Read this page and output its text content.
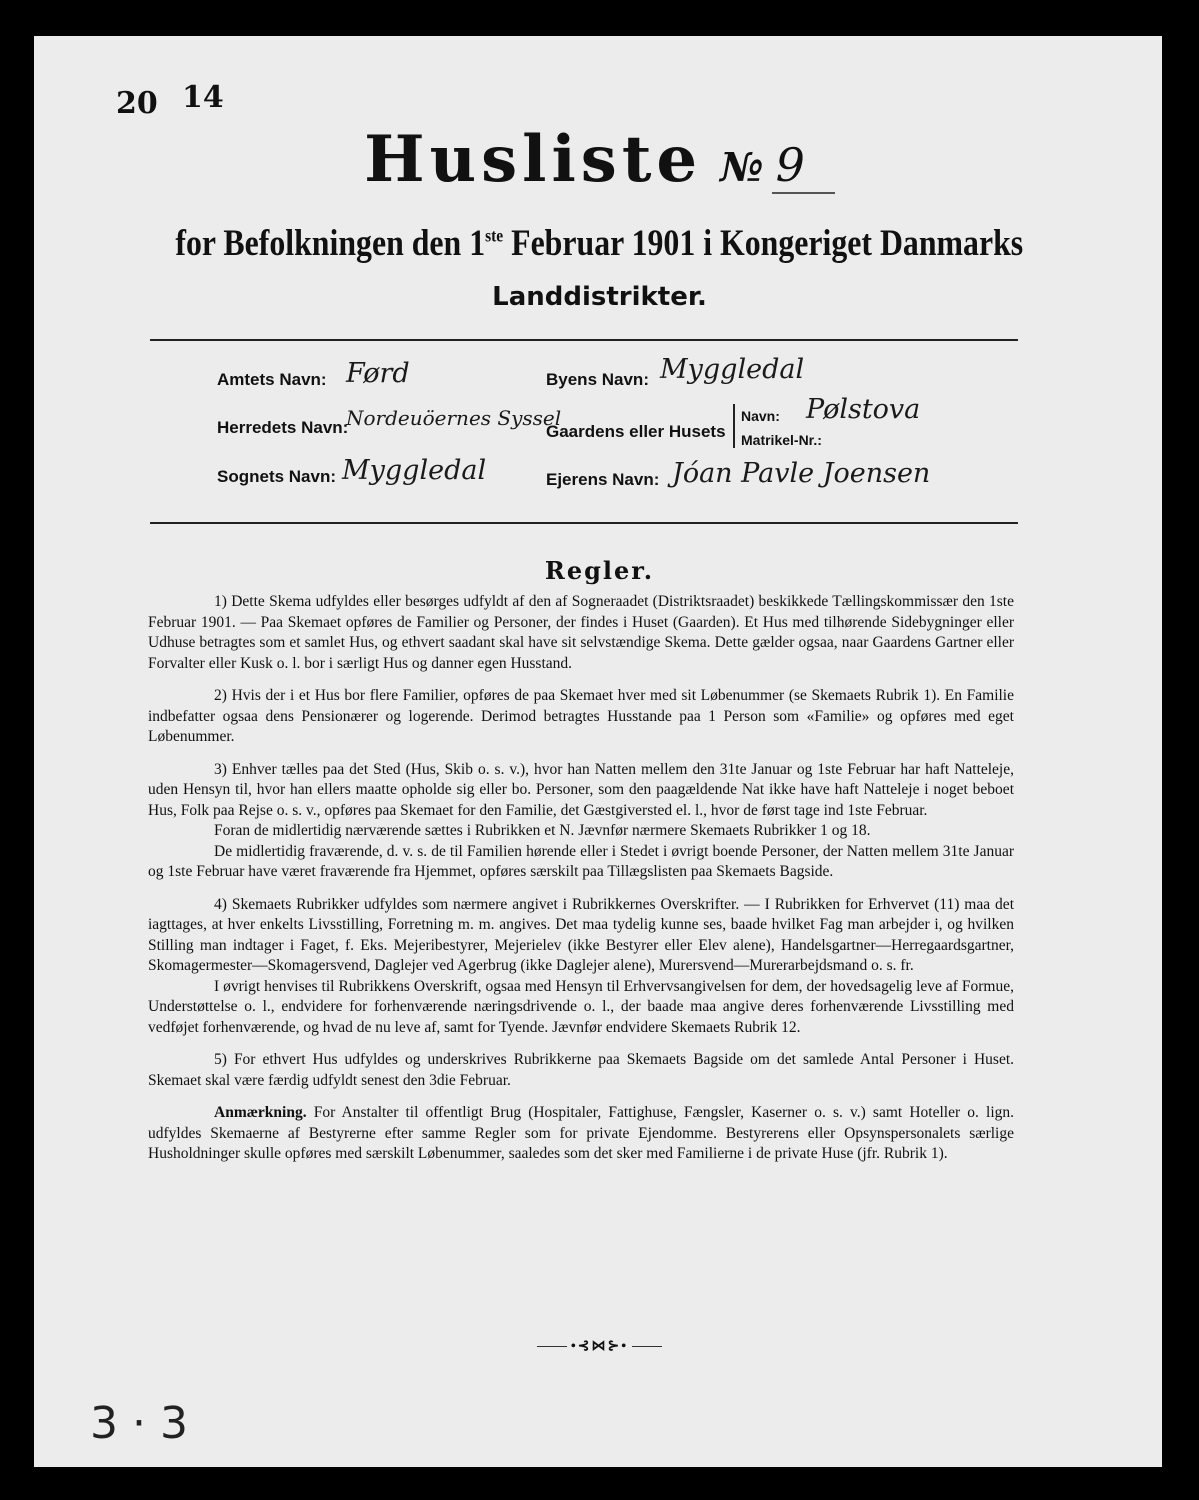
20 14
Husliste № 9
for Befolkningen den 1ste Februar 1901 i Kongeriget Danmarks
Landdistrikter.
Amtets Navn: Førd	Byens Navn: Myggledal
Herredets Navn:
Nordeuöernes Syssel
Gaardens eller Husets
Navn: Pølstova
Matrikel-Nr.:
Sognets Navn: Myggledal	Ejerens Navn: Jóan Pavle Joensen
Regler.

1) Dette Skema udfyldes eller besørges udfyldt af den af Sogneraadet (Distriktsraadet) beskikkede Tællingskommissær den 1ste Februar 1901. — Paa Skemaet opføres de Familier og Personer, der findes i Huset (Gaarden). Et Hus med tilhørende Sidebygninger eller Udhuse betragtes som et samlet Hus, og ethvert saadant skal have sit selvstændige Skema. Dette gælder ogsaa, naar Gaardens Gartner eller Forvalter eller Kusk o. l. bor i særligt Hus og danner egen Husstand.

2) Hvis der i et Hus bor flere Familier, opføres de paa Skemaet hver med sit Løbenummer (se Skemaets Rubrik 1). En Familie indbefatter ogsaa dens Pensionærer og logerende. Derimod betragtes Husstande paa 1 Person som «Familie» og opføres med eget Løbenummer.

3) Enhver tælles paa det Sted (Hus, Skib o. s. v.), hvor han Natten mellem den 31te Januar og 1ste Februar har haft Natteleje, uden Hensyn til, hvor han ellers maatte opholde sig eller bo. Personer, som den paagældende Nat ikke have haft Natteleje i noget beboet Hus, Folk paa Rejse o. s. v., opføres paa Skemaet for den Familie, det Gæstgiversted el. l., hvor de først tage ind 1ste Februar.

Foran de midlertidig nærværende sættes i Rubrikken et N. Jævnfør nærmere Skemaets Rubrikker 1 og 18.

De midlertidig fraværende, d. v. s. de til Familien hørende eller i Stedet i øvrigt boende Personer, der Natten mellem 31te Januar og 1ste Februar have været fraværende fra Hjemmet, opføres særskilt paa Tillægslisten paa Skemaets Bagside.

4) Skemaets Rubrikker udfyldes som nærmere angivet i Rubrikkernes Overskrifter. — I Rubrikken for Erhvervet (11) maa det iagttages, at hver enkelts Livsstilling, Forretning m. m. angives. Det maa tydelig kunne ses, baade hvilket Fag man arbejder i, og hvilken Stilling man indtager i Faget, f. Eks. Mejeribestyrer, Mejerielev (ikke Bestyrer eller Elev alene), Handelsgartner—Herregaardsgartner, Skomagermester—Skomagersvend, Daglejer ved Agerbrug (ikke Daglejer alene), Murersvend—Murerarbejdsmand o. s. fr.

I øvrigt henvises til Rubrikkens Overskrift, ogsaa med Hensyn til Erhvervsangivelsen for dem, der hovedsagelig leve af Formue, Understøttelse o. l., endvidere for forhenværende næringsdrivende o. l., der baade maa angive deres forhenværende Livsstilling med vedføjet forhenværende, og hvad de nu leve af, samt for Tyende. Jævnfør endvidere Skemaets Rubrik 12.

5) For ethvert Hus udfyldes og underskrives Rubrikkerne paa Skemaets Bagside om det samlede Antal Personer i Huset. Skemaet skal være færdig udfyldt senest den 3die Februar.

Anmærkning. For Anstalter til offentligt Brug (Hospitaler, Fattighuse, Fængsler, Kaserner o. s. v.) samt Hoteller o. lign. udfyldes Skemaerne af Bestyrerne efter samme Regler som for private Ejendomme. Bestyrerens eller Opsynspersonalets særlige Husholdninger skulle opføres med særskilt Løbenummer, saaledes som det sker med Familierne i de private Huse (jfr. Rubrik 1).

•⊰⋈⊱•
3 · 3
